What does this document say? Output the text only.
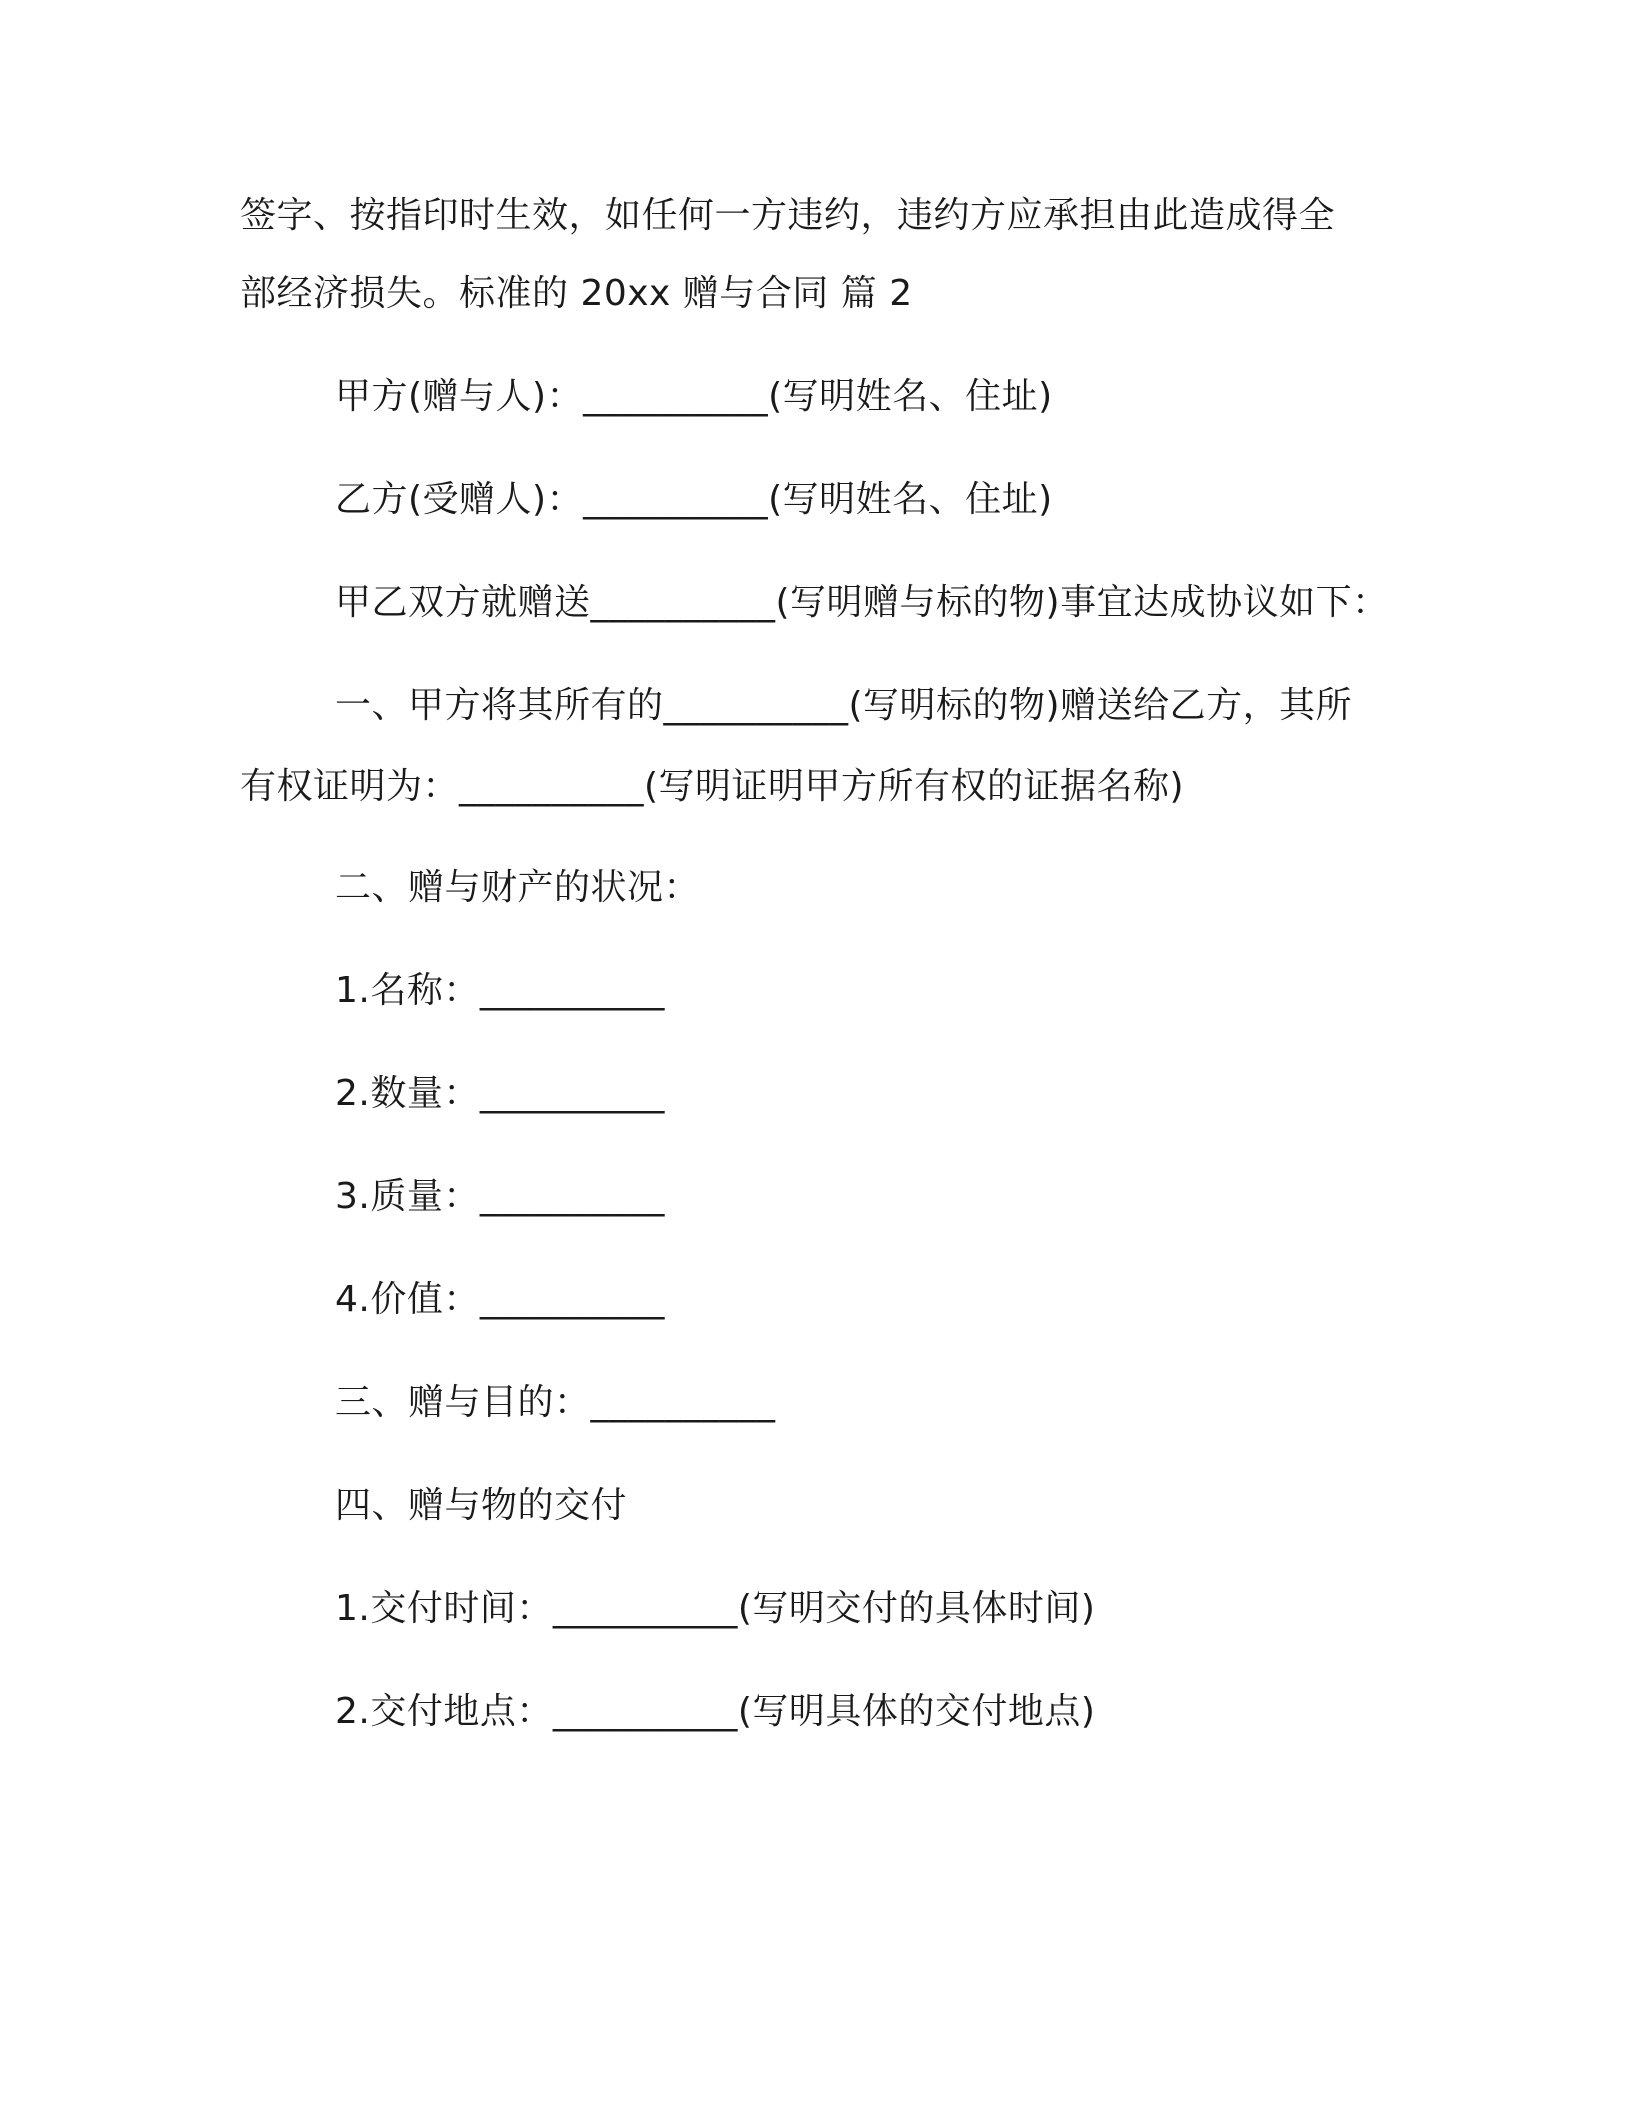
签字、按指印时生效，如任何一方违约，违约方应承担由此造成得全
部经济损失。标准的 20xx 赠与合同 篇 2
甲方(赠与人)：__________(写明姓名、住址)
乙方(受赠人)：__________(写明姓名、住址)
甲乙双方就赠送__________(写明赠与标的物)事宜达成协议如下：
一、甲方将其所有的__________(写明标的物)赠送给乙方，其所
有权证明为：__________(写明证明甲方所有权的证据名称)
二、赠与财产的状况：
1.名称：__________
2.数量：__________
3.质量：__________
4.价值：__________
三、赠与目的：__________
四、赠与物的交付
1.交付时间：__________(写明交付的具体时间)
2.交付地点：__________(写明具体的交付地点)
